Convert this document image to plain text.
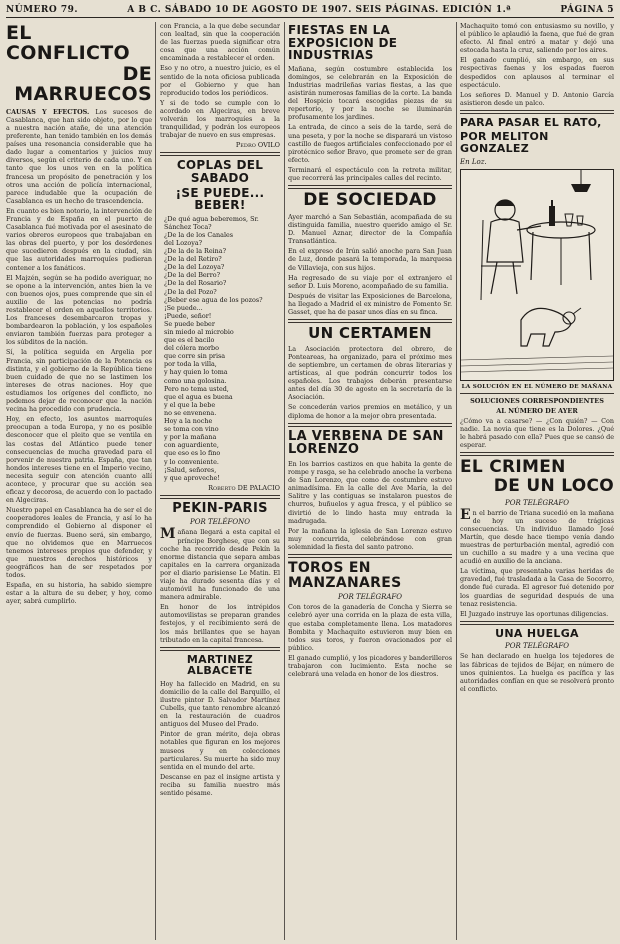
NÚMERO 79.	A B C. SÁBADO 10 DE AGOSTO DE 1907. SEIS PÁGINAS. EDICIÓN 1.ª	PÁGINA 5
EL CONFLICTO
DE MARRUECOS

CAUSAS Y EFECTOS. Los sucesos de Casablanca, que han sido objeto, por lo que a nuestra nación atañe, de una atención preferente, han tenido también en los demás países una resonancia considerable que ha dado lugar a comentarios y juicios muy diversos, según el criterio de cada uno. Y en tanto que los unos ven en la política francesa un propósito de penetración y los otros una acción de policía internacional, parece indudable que la ocupación de Casablanca es un hecho de trascendencia.

En cuanto es bien notorio, la intervención de Francia y de España en el puerto de Casablanca fué motivada por el asesinato de varios obreros europeos que trabajaban en las obras del puerto, y por los desórdenes que sucedieron después en la ciudad, sin que las autoridades marroquíes pudieran contener a los fanáticos.

El Majzén, según se ha podido averiguar, no se opone a la intervención, antes bien la ve con buenos ojos, pues comprende que sin el auxilio de las potencias no podría restablecer el orden en aquellos territorios. Los franceses desembarcaron tropas y bombardearon la población, y los españoles enviaron también fuerzas para proteger a los súbditos de la nación.

Sí, la política seguida en Argelia por Francia, sin participación de la Potencia es distinta, y el gobierno de la República tiene buen cuidado de que no se lastimen los intereses de otras naciones. Hoy que estudiamos los orígenes del conflicto, no podemos dejar de reconocer que la nación vecina ha procedido con prudencia.

Hoy, en efecto, los asuntos marroquíes preocupan a toda Europa, y no es posible desconocer que el pleito que se ventila en las costas del Atlántico puede tener consecuencias de mucha gravedad para el porvenir de nuestra patria. España, que tan hondos intereses tiene en el Imperio vecino, necesita seguir con atención cuanto allí acontece, y procurar que su acción sea eficaz y decorosa, de acuerdo con lo pactado en Algeciras.

Nuestro papel en Casablanca ha de ser el de cooperadores leales de Francia, y así lo ha comprendido el Gobierno al disponer el envío de fuerzas. Bueno será, sin embargo, que no olvidemos que en Marruecos tenemos intereses propios que defender, y que nuestros derechos históricos y geográficos han de ser respetados por todos.

España, en su historia, ha sabido siempre estar a la altura de su deber, y hoy, como ayer, sabrá cumplirlo.

con Francia, a la que debe secundar con lealtad, sin que la cooperación de las fuerzas pueda significar otra cosa que una acción común encaminada a restablecer el orden.

Eso y no otro, a nuestro juicio, es el sentido de la nota oficiosa publicada por el Gobierno y que han reproducido todos los periódicos.

Y si de todo se cumple con lo acordado en Algeciras, en breve volverán los marroquíes a la tranquilidad, y podrán los europeos trabajar de nuevo en sus empresas.

Pedro OVILO
COPLAS DEL SABADO
¡SE PUEDE... BEBER!
¿De qué agua beberemos, Sr. Sánchez Toca?
¿De la de los Canales
del Lozoya?
¿De la de la Reina?
¿De la del Retiro?
¿De la del Lozoya?
¿De la del Berro?
¿De la del Rosario?
¿De la del Pozo?
¿Beber ese agua de los pozos?
¡Se puede...
¡Puede, señor!
Se puede beber
sin miedo al microbio
que es el bacilo
del cólera morbo
que corre sin prisa
por toda la villa,
y hay quien lo toma
como una golosina.
Pero no tema usted,
que el agua es buena
y el que la bebe
no se envenena.
Hoy a la noche
se toma con vino
y por la mañana
con aguardiente,
que eso es lo fino
y lo conveniente.
¡Salud, señores,
y que aproveche!
Roberto DE PALACIO
PEKIN-PARIS
POR TELÉFONO

Mañana llegará a esta capital el príncipe Borghese, que con su coche ha recorrido desde Pekín la enorme distancia que separa ambas capitales en la carrera organizada por el diario parisiense Le Matin. El viaje ha durado sesenta días y el automóvil ha funcionado de una manera admirable.

En honor de los intrépidos automovilistas se preparan grandes festejos, y el recibimiento será de los más brillantes que se hayan tributado en la capital francesa.

MARTINEZ ALBACETE

Hoy ha fallecido en Madrid, en su domicilio de la calle del Barquillo, el ilustre pintor D. Salvador Martínez Cubells, que tanto renombre alcanzó en la restauración de cuadros antiguos del Museo del Prado.

Pintor de gran mérito, deja obras notables que figuran en los mejores museos y en colecciones particulares. Su muerte ha sido muy sentida en el mundo del arte.

Descanse en paz el insigne artista y reciba su familia nuestro más sentido pésame.

FIESTAS EN LA EXPOSICION DE INDUSTRIAS

Mañana, según costumbre establecida los domingos, se celebrarán en la Exposición de Industrias madrileñas varias fiestas, a las que asistirán numerosas familias de la corte. La banda del Hospicio tocará escogidas piezas de su repertorio, y por la noche se iluminarán profusamente los jardines.

La entrada, de cinco a seis de la tarde, será de una peseta, y por la noche se disparará un vistoso castillo de fuegos artificiales confeccionado por el pirotécnico señor Bravo, que promete ser de gran efecto.

Terminará el espectáculo con la retreta militar, que recorrerá las principales calles del recinto.

DE SOCIEDAD

Ayer marchó a San Sebastián, acompañada de su distinguida familia, nuestro querido amigo el Sr. D. Manuel Aznar, director de la Compañía Transatlántica.

En el expreso de Irún salió anoche para San Juan de Luz, donde pasará la temporada, la marquesa de Villavieja, con sus hijos.

Ha regresado de su viaje por el extranjero el señor D. Luis Moreno, acompañado de su familia.

Después de visitar las Exposiciones de Barcelona, ha llegado a Madrid el ex ministro de Fomento Sr. Gasset, que ha de pasar unos días en su finca.

UN CERTAMEN

La Asociación protectora del obrero, de Ponteareas, ha organizado, para el próximo mes de septiembre, un certamen de obras literarias y artísticas, al que podrán concurrir todos los españoles. Los trabajos deberán presentarse antes del día 30 de agosto en la secretaría de la Asociación.

Se concederán varios premios en metálico, y un diploma de honor a la mejor obra presentada.

LA VERBENA DE SAN LORENZO

En los barrios castizos en que habita la gente de rompe y rasga, se ha celebrado anoche la verbena de San Lorenzo, que como de costumbre estuvo animadísima. En la calle del Ave María, la del Salitre y las contiguas se instalaron puestos de churros, buñuelos y agua fresca, y el público se divirtió de lo lindo hasta muy entrada la madrugada.

Por la mañana la iglesia de San Lorenzo estuvo muy concurrida, celebrándose con gran solemnidad la fiesta del santo patrono.

TOROS EN MANZANARES
POR TELÉGRAFO

Con toros de la ganadería de Concha y Sierra se celebró ayer una corrida en la plaza de esta villa, que estaba completamente llena. Los matadores Bombita y Machaquito estuvieron muy bien en todos sus toros, y fueron ovacionados por el público.

El ganado cumplió, y los picadores y banderilleros trabajaron con lucimiento. Esta noche se celebrará una velada en honor de los diestros.

Machaquito tomó con entusiasmo su novillo, y el público le aplaudió la faena, que fué de gran efecto. Al final entró a matar y dejó una estocada hasta la cruz, saliendo por los aires.

El ganado cumplió, sin embargo, en sus respectivas faenas y los espadas fueron despedidos con aplausos al terminar el espectáculo.

Los señores D. Manuel y D. Antonio García asistieron desde un palco.

PARA PASAR EL RATO,
POR MELITON GONZALEZ
En Loz.
LA SOLUCIÓN EN EL NÚMERO DE MAÑANA
SOLUCIONES CORRESPONDIENTES
AL NÚMERO DE AYER

¿Cómo va a casarse? — ¿Con quién? — Con nadie. La novia que tiene es la Dolores. ¿Qué le habrá pasado con ella? Pues que se cansó de esperar.

EL CRIMEN
DE UN LOCO
POR TELÉGRAFO

En el barrio de Triana sucedió en la mañana de hoy un suceso de trágicas consecuencias. Un individuo llamado José Martín, que desde hace tiempo venía dando muestras de perturbación mental, agredió con un cuchillo a su madre y a una vecina que acudió en auxilio de la anciana.

La víctima, que presentaba varias heridas de gravedad, fué trasladada a la Casa de Socorro, donde fué curada. El agresor fué detenido por los guardias de seguridad después de una tenaz resistencia.

El Juzgado instruye las oportunas diligencias.

UNA HUELGA
POR TELÉGRAFO

Se han declarado en huelga los tejedores de las fábricas de tejidos de Béjar, en número de unos quinientos. La huelga es pacífica y las autoridades confían en que se resolverá pronto el conflicto.
